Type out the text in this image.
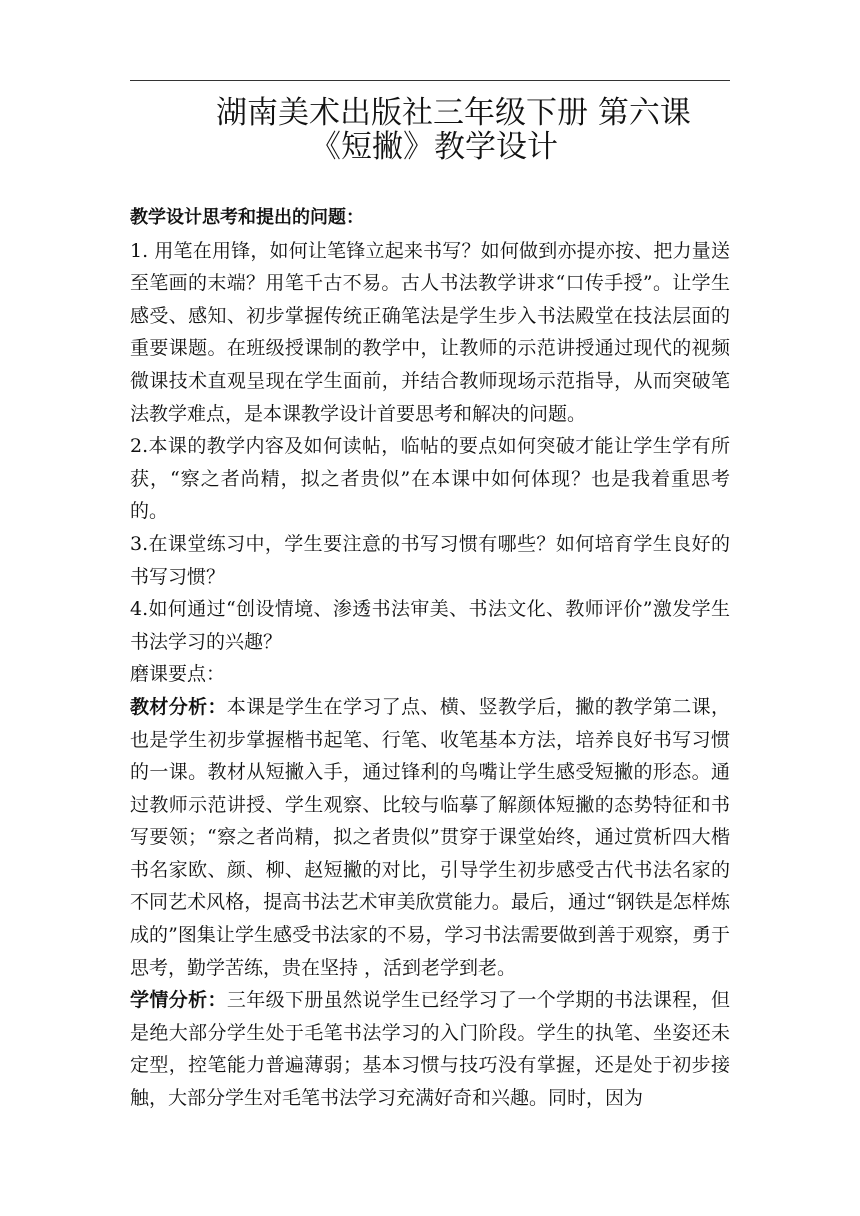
湖南美术出版社三年级下册 第六课
《短撇》教学设计

教学设计思考和提出的问题：

1. 用笔在用锋，如何让笔锋立起来书写？如何做到亦提亦按、把力量送至笔画的末端？用笔千古不易。古人书法教学讲求“口传手授”。让学生感受、感知、初步掌握传统正确笔法是学生步入书法殿堂在技法层面的重要课题。在班级授课制的教学中，让教师的示范讲授通过现代的视频微课技术直观呈现在学生面前，并结合教师现场示范指导，从而突破笔法教学难点，是本课教学设计首要思考和解决的问题。

2.本课的教学内容及如何读帖，临帖的要点如何突破才能让学生学有所获，“察之者尚精，拟之者贵似”在本课中如何体现？也是我着重思考的。

3.在课堂练习中，学生要注意的书写习惯有哪些？如何培育学生良好的书写习惯？

4.如何通过“创设情境、渗透书法审美、书法文化、教师评价”激发学生书法学习的兴趣？

磨课要点：

教材分析：本课是学生在学习了点、横、竖教学后，撇的教学第二课，也是学生初步掌握楷书起笔、行笔、收笔基本方法，培养良好书写习惯的一课。教材从短撇入手，通过锋利的鸟嘴让学生感受短撇的形态。通过教师示范讲授、学生观察、比较与临摹了解颜体短撇的态势特征和书写要领；“察之者尚精，拟之者贵似”贯穿于课堂始终，通过赏析四大楷书名家欧、颜、柳、赵短撇的对比，引导学生初步感受古代书法名家的不同艺术风格，提高书法艺术审美欣赏能力。最后，通过“钢铁是怎样炼成的”图集让学生感受书法家的不易，学习书法需要做到善于观察，勇于思考，勤学苦练，贵在坚持 ，活到老学到老。

学情分析：三年级下册虽然说学生已经学习了一个学期的书法课程，但是绝大部分学生处于毛笔书法学习的入门阶段。学生的执笔、坐姿还未定型，控笔能力普遍薄弱；基本习惯与技巧没有掌握，还是处于初步接触，大部分学生对毛笔书法学习充满好奇和兴趣。同时，因为
